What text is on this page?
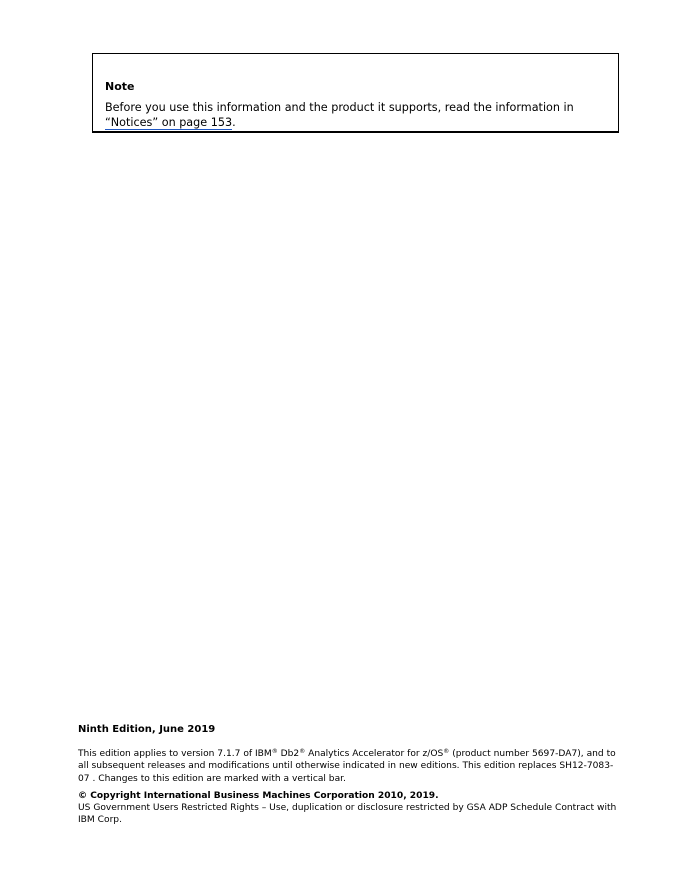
Note
Before you use this information and the product it supports, read the information in “Notices” on page 153.
Ninth Edition, June 2019
This edition applies to version 7.1.7 of IBM® Db2® Analytics Accelerator for z/OS® (product number 5697-DA7), and to all subsequent releases and modifications until otherwise indicated in new editions. This edition replaces SH12-7083-07 . Changes to this edition are marked with a vertical bar.
© Copyright International Business Machines Corporation 2010, 2019.
US Government Users Restricted Rights – Use, duplication or disclosure restricted by GSA ADP Schedule Contract with IBM Corp.
